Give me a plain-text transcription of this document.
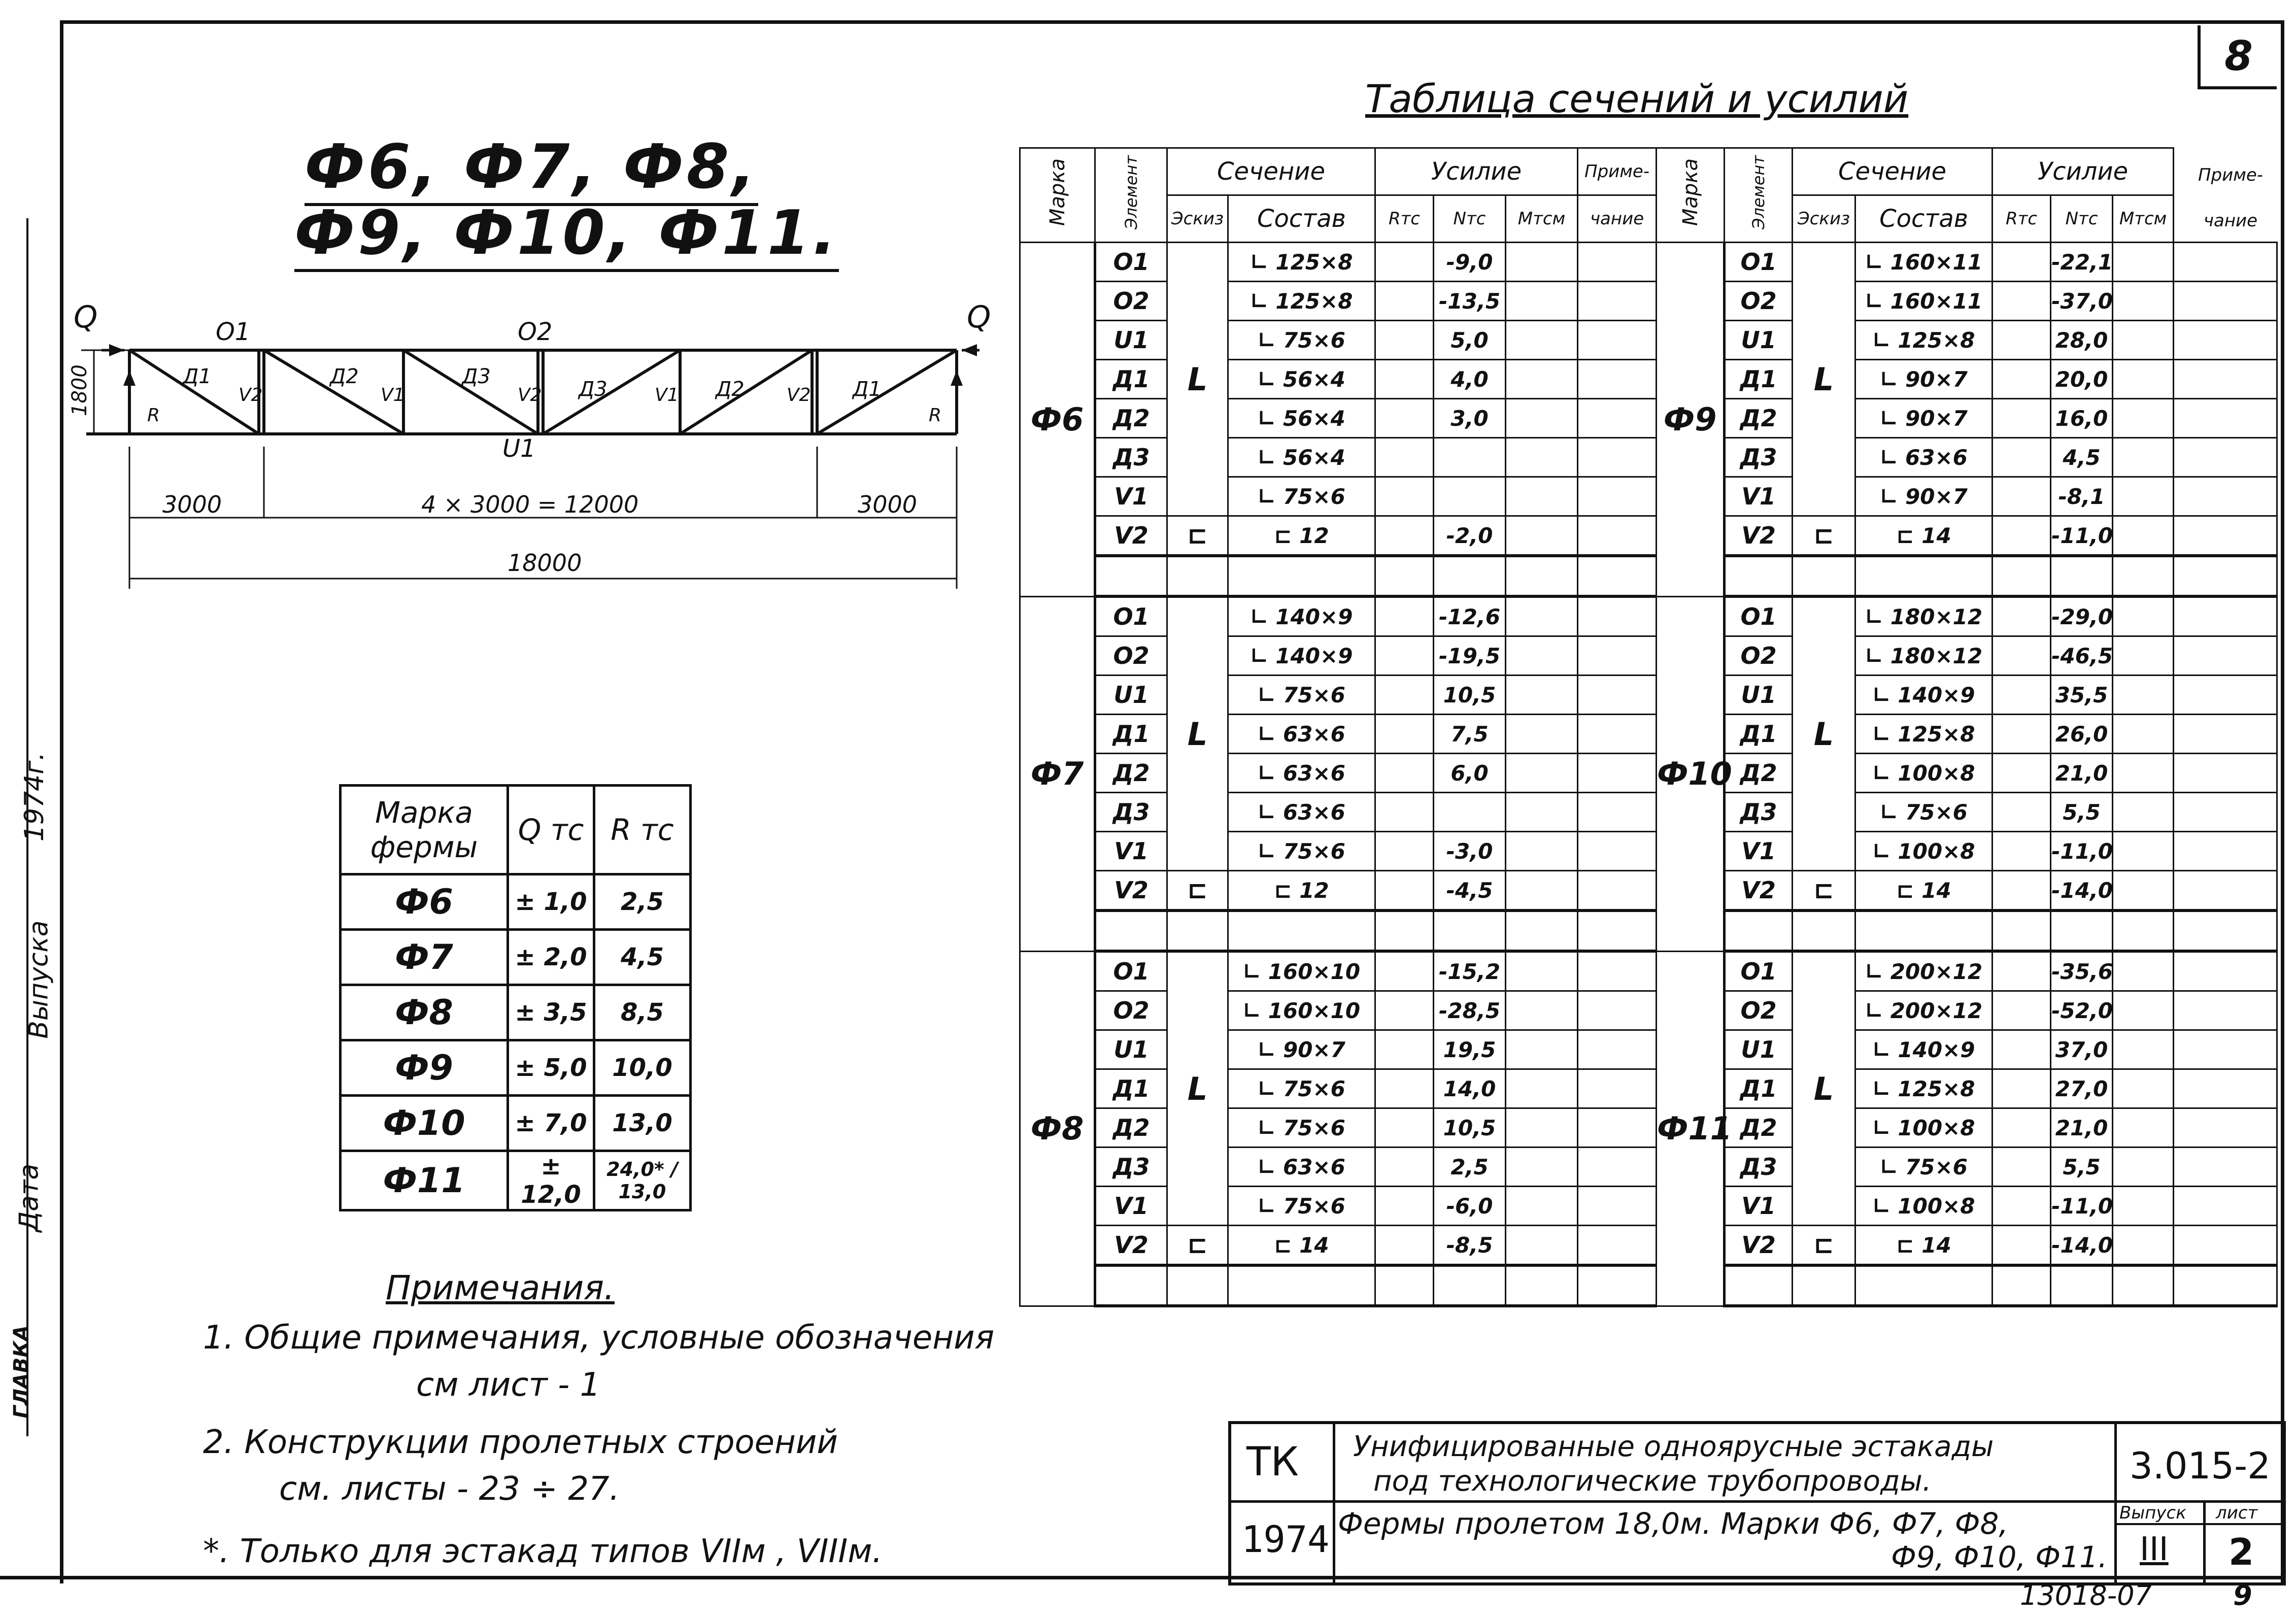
ГЛАВКА
Дата
Выпуска
1974г.
8
Ф6, Ф7, Ф8,
Ф9, Ф10, Ф11.
Q	Q
O1	O2
U1
Д1	Д2	Д3
Д3	Д2	Д1
V2	V1	V2	V1	V2
R	R
1800
3000	4 × 3000 = 12000	3000
18000
Марка фермы	Q тс	R тс
Ф6	± 1,0	2,5
Ф7	± 2,0	4,5
Ф8	± 3,5	8,5
Ф9	± 5,0	10,0
Ф10	± 7,0	13,0
Ф11	± 12,0	24,0* / 13,0
Примечания.
1. Общие примечания, условные обозначения
см лист - 1
2. Конструкции пролетных строений
см. листы - 23 ÷ 27.
*. Только для эстакад типов VIIм , VIIIм.
Таблица сечений и усилий
Марка	Элемент	Сечение		Усилие			Приме-	Марка	Элемент	Сечение		Усилие			
		Эскиз	Состав	Rтс	Nтс	Mтсм	чание			Эскиз	Состав	Rтс	Nтс	Mтсм	
Ф6	O1	L	∟ 125×8		-9,0			Ф9	O1	L	∟ 160×11		-22,1		
	O2		∟ 125×8		-13,5				O2		∟ 160×11		-37,0		
	U1		∟ 75×6		5,0				U1		∟ 125×8		28,0		
	Д1		∟ 56×4		4,0				Д1		∟ 90×7		20,0		
	Д2		∟ 56×4		3,0				Д2		∟ 90×7		16,0		
	Д3		∟ 56×4						Д3		∟ 63×6		4,5		
	V1		∟ 75×6						V1		∟ 90×7		-8,1		
	V2	⊏	⊏ 12		-2,0				V2	⊏	⊏ 14		-11,0		

Ф7	O1	L	∟ 140×9		-12,6			Ф10	O1	L	∟ 180×12		-29,0		
	O2		∟ 140×9		-19,5				O2		∟ 180×12		-46,5		
	U1		∟ 75×6		10,5				U1		∟ 140×9		35,5		
	Д1		∟ 63×6		7,5				Д1		∟ 125×8		26,0		
	Д2		∟ 63×6		6,0				Д2		∟ 100×8		21,0		
	Д3		∟ 63×6						Д3		∟ 75×6		5,5		
	V1		∟ 75×6		-3,0				V1		∟ 100×8		-11,0		
	V2	⊏	⊏ 12		-4,5				V2	⊏	⊏ 14		-14,0		

Ф8	O1	L	∟ 160×10		-15,2			Ф11	O1	L	∟ 200×12		-35,6		
	O2		∟ 160×10		-28,5				O2		∟ 200×12		-52,0		
	U1		∟ 90×7		19,5				U1		∟ 140×9		37,0		
	Д1		∟ 75×6		14,0				Д1		∟ 125×8		27,0		
	Д2		∟ 75×6		10,5				Д2		∟ 100×8		21,0		
	Д3		∟ 63×6		2,5				Д3		∟ 75×6		5,5		
	V1		∟ 75×6		-6,0				V1		∟ 100×8		-11,0		
	V2	⊏	⊏ 14		-8,5				V2	⊏	⊏ 14		-14,0		

Приме-
чание
ТК
1974
Унифицированные одноярусные эстакады
под технологические трубопроводы.	3.015-2
Фермы пролетом 18,0м. Марки Ф6, Ф7, Ф8,
Ф9, Ф10, Ф11.
Выпуск лист
III 2
13018-07	9
